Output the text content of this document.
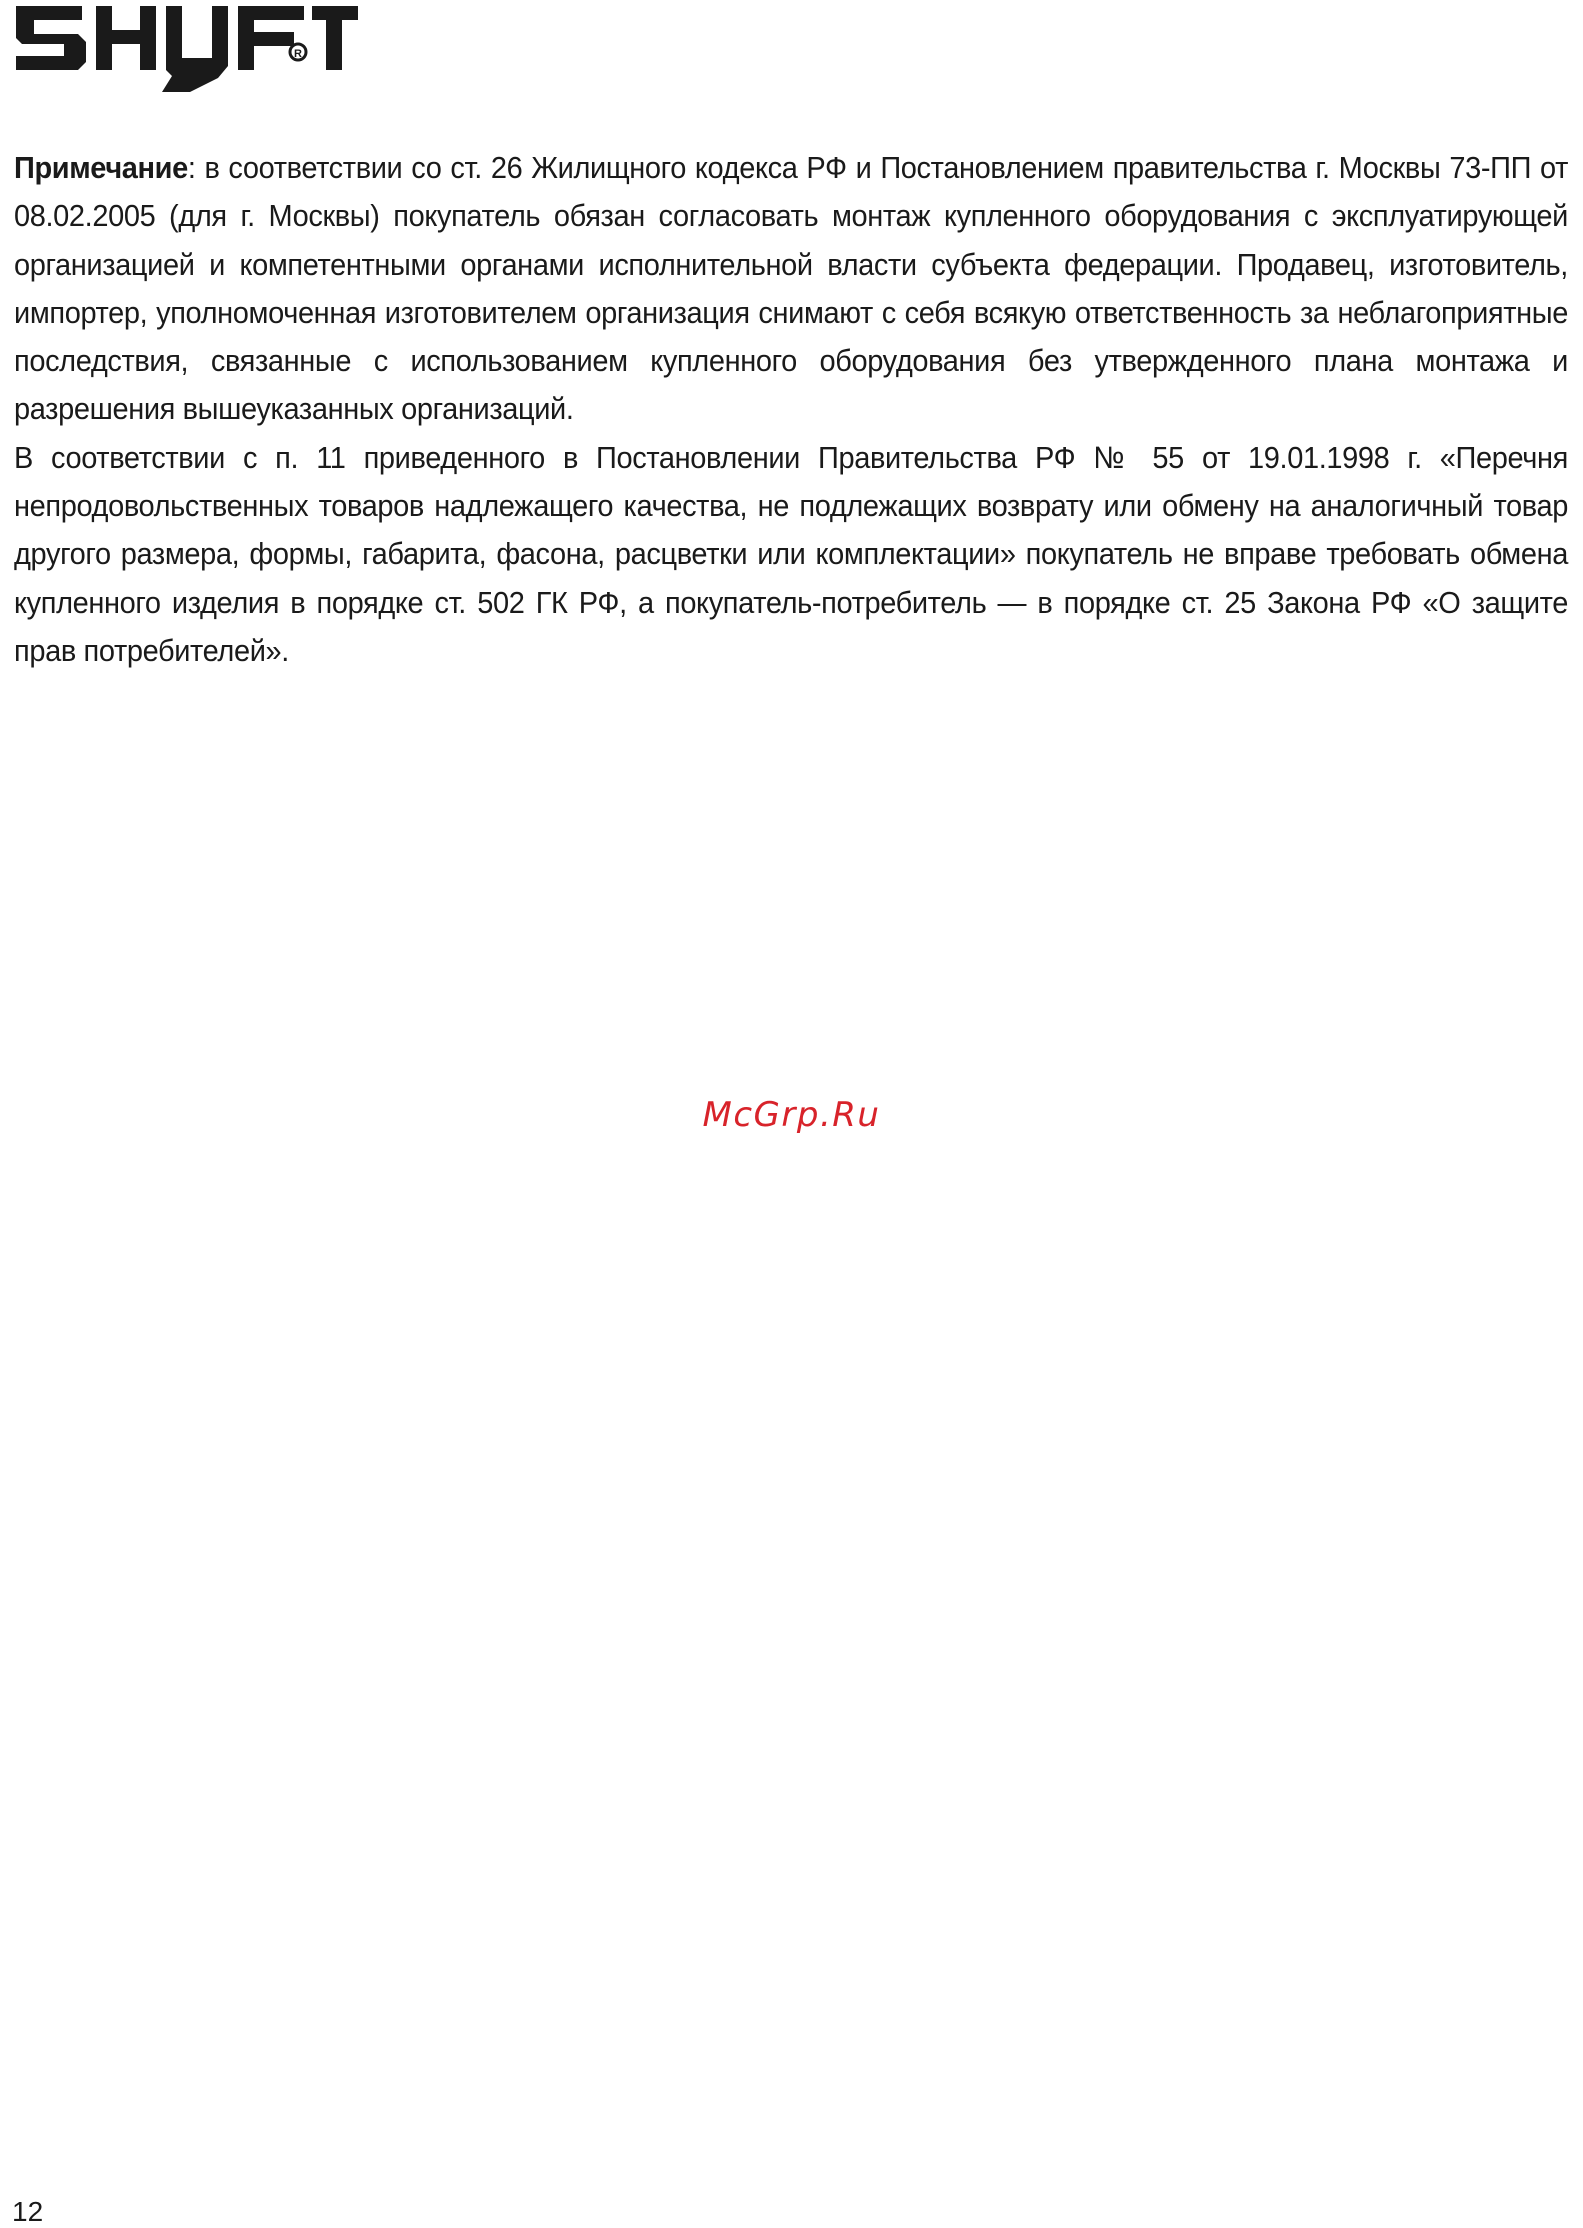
R

Примечание: в соответствии со ст. 26 Жилищного кодекса РФ и Постановлением правительства г. Москвы 73-ПП от 08.02.2005 (для г. Москвы) покупатель обязан согласовать монтаж купленного оборудования с эксплуатирующей организацией и компетентными органами исполнительной власти субъекта федерации. Продавец, изготовитель, импортер, уполномоченная изготовителем организация снимают с себя всякую ответственность за неблагоприятные последствия, связанные с использованием купленного оборудования без утвержденного плана монтажа и разрешения вышеуказанных организаций.

В соответствии с п. 11 приведенного в Постановлении Правительства РФ № 55 от 19.01.1998 г. «Перечня непродовольственных товаров надлежащего качества, не подлежащих возврату или обмену на аналогичный товар другого размера, формы, габарита, фасона, расцветки или комплектации» покупатель не вправе требовать обмена купленного изделия в порядке ст. 502 ГК РФ, а покупатель-потребитель — в порядке ст. 25 Закона РФ «О защите прав потребителей».

McGrp.Ru
12
